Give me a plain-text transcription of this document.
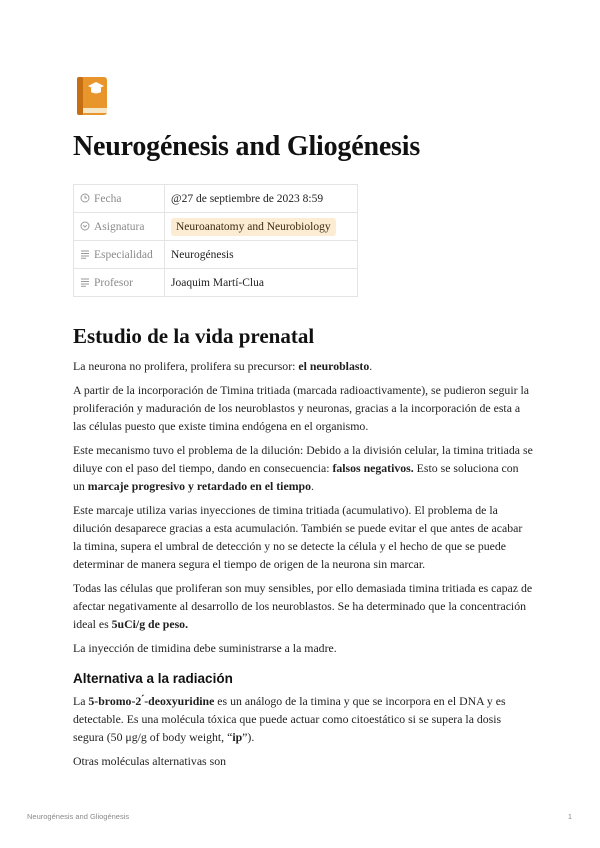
Neurogénesis and Gliogénesis
Fecha	@27 de septiembre de 2023 8:59
Asignatura	Neuroanatomy and Neurobiology
Especialidad	Neurogénesis
Profesor	Joaquim Martí-Clua
Estudio de la vida prenatal

La neurona no prolifera, prolifera su precursor: el neuroblasto.

A partir de la incorporación de Timina tritiada (marcada radioactivamente), se pudieron seguir la proliferación y maduración de los neuroblastos y neuronas, gracias a la incorporación de esta a las células puesto que existe timina endógena en el organismo.

Este mecanismo tuvo el problema de la dilución: Debido a la división celular, la timina tritiada se diluye con el paso del tiempo, dando en consecuencia: falsos negativos. Esto se soluciona con un marcaje progresivo y retardado en el tiempo.

Este marcaje utiliza varias inyecciones de timina tritiada (acumulativo). El problema de la dilución desaparece gracias a esta acumulación. También se puede evitar el que antes de acabar la timina, supera el umbral de detección y no se detecte la célula y el hecho de que se puede determinar de manera segura el tiempo de origen de la neurona sin marcar.

Todas las células que proliferan son muy sensibles, por ello demasiada timina tritiada es capaz de afectar negativamente al desarrollo de los neuroblastos. Se ha determinado que la concentración ideal es 5uCi/g de peso.

La inyección de timidina debe suministrarse a la madre.

Alternativa a la radiación

La 5-bromo-2 ́-deoxyuridine es un análogo de la timina y que se incorpora en el DNA y es detectable. Es una molécula tóxica que puede actuar como citoestático si se supera la dosis segura (50 μg/g of body weight, “ip”).

Otras moléculas alternativas son

Neurogénesis and Gliogénesis	1
